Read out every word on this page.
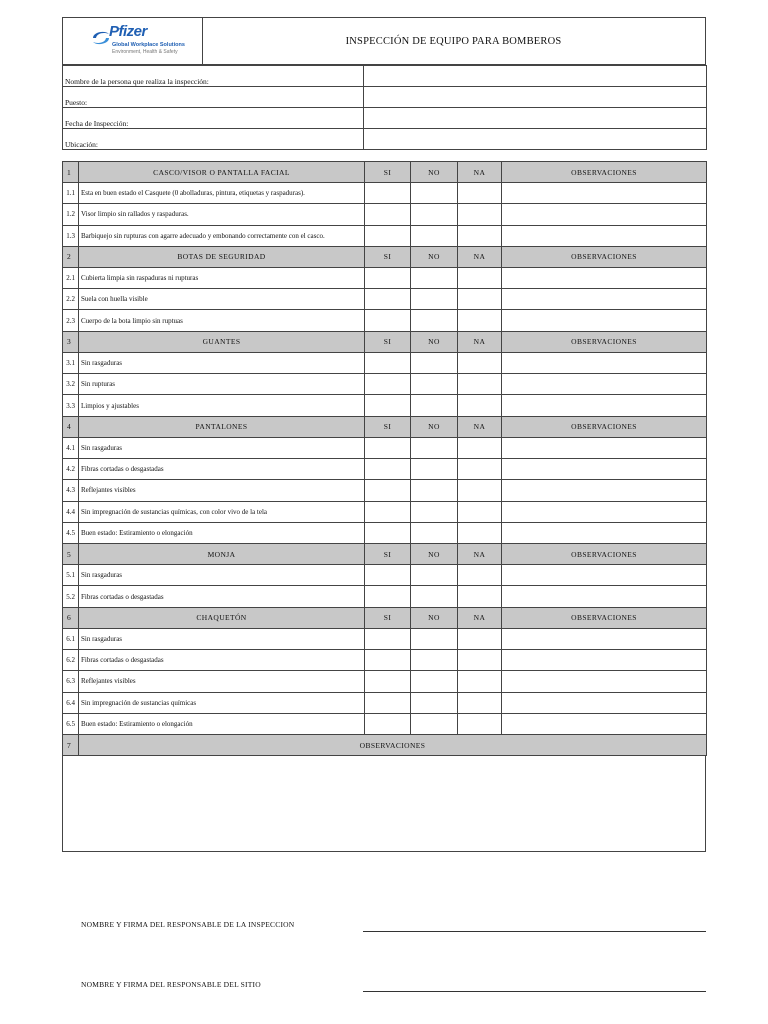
Pfizer
Global Workplace Solutions
Environment, Health & Safety
INSPECCIÓN DE EQUIPO PARA BOMBEROS
Nombre de la persona que realiza la inspección:	
Puesto:	
Fecha de Inspección:	
Ubicación:	
1	CASCO/VISOR O PANTALLA FACIAL	SI	NO	NA	OBSERVACIONES
1.1	Esta en buen estado el Casquete (0 abolladuras, pintura, etiquetas y raspaduras).				
1.2	Visor limpio sin rallados y raspaduras.				
1.3	Barbiquejo sin rupturas con agarre adecuado y embonando correctamente con el casco.				
2	BOTAS DE SEGURIDAD	SI	NO	NA	OBSERVACIONES
2.1	Cubierta limpia sin raspaduras ni rupturas				
2.2	Suela con huella visible				
2.3	Cuerpo de la bota limpio sin ruptuas				
3	GUANTES	SI	NO	NA	OBSERVACIONES
3.1	Sin rasgaduras				
3.2	Sin rupturas				
3.3	Limpios y ajustables				
4	PANTALONES	SI	NO	NA	OBSERVACIONES
4.1	Sin rasgaduras				
4.2	Fibras cortadas o desgastadas				
4.3	Reflejantes visibles				
4.4	Sin impregnación de sustancias químicas, con color vivo de la tela				
4.5	Buen estado: Estiramiento o elongación				
5	MONJA	SI	NO	NA	OBSERVACIONES
5.1	Sin rasgaduras				
5.2	Fibras cortadas o desgastadas				
6	CHAQUETÓN	SI	NO	NA	OBSERVACIONES
6.1	Sin rasgaduras				
6.2	Fibras cortadas o desgastadas				
6.3	Reflejantes visibles				
6.4	Sin impregnación de sustancias químicas				
6.5	Buen estado: Estiramiento o elongación				
7	OBSERVACIONES				
NOMBRE Y FIRMA DEL RESPONSABLE DE LA INSPECCION
NOMBRE Y FIRMA DEL RESPONSABLE DEL SITIO
